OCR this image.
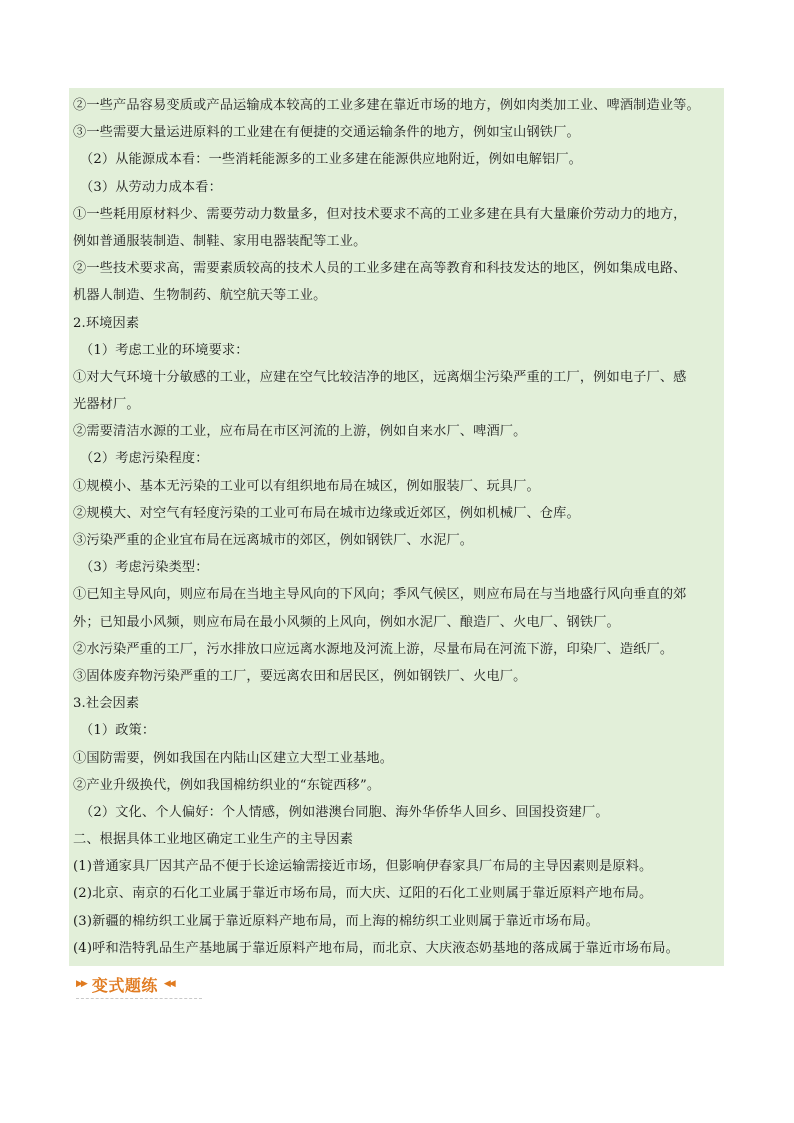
②一些产品容易变质或产品运输成本较高的工业多建在靠近市场的地方，例如肉类加工业、啤酒制造业等。
③一些需要大量运进原料的工业建在有便捷的交通运输条件的地方，例如宝山钢铁厂。
（2）从能源成本看：一些消耗能源多的工业多建在能源供应地附近，例如电解铝厂。
（3）从劳动力成本看：
①一些耗用原材料少、需要劳动力数量多，但对技术要求不高的工业多建在具有大量廉价劳动力的地方，
例如普通服装制造、制鞋、家用电器装配等工业。
②一些技术要求高，需要素质较高的技术人员的工业多建在高等教育和科技发达的地区，例如集成电路、
机器人制造、生物制药、航空航天等工业。
2.环境因素
（1）考虑工业的环境要求：
①对大气环境十分敏感的工业，应建在空气比较洁净的地区，远离烟尘污染严重的工厂，例如电子厂、感
光器材厂。
②需要清洁水源的工业，应布局在市区河流的上游，例如自来水厂、啤酒厂。
（2）考虑污染程度：
①规模小、基本无污染的工业可以有组织地布局在城区，例如服装厂、玩具厂。
②规模大、对空气有轻度污染的工业可布局在城市边缘或近郊区，例如机械厂、仓库。
③污染严重的企业宜布局在远离城市的郊区，例如钢铁厂、水泥厂。
（3）考虑污染类型：
①已知主导风向，则应布局在当地主导风向的下风向；季风气候区，则应布局在与当地盛行风向垂直的郊
外；已知最小风频，则应布局在最小风频的上风向，例如水泥厂、酿造厂、火电厂、钢铁厂。
②水污染严重的工厂，污水排放口应远离水源地及河流上游，尽量布局在河流下游，印染厂、造纸厂。
③固体废弃物污染严重的工厂，要远离农田和居民区，例如钢铁厂、火电厂。
3.社会因素
（1）政策：
①国防需要，例如我国在内陆山区建立大型工业基地。
②产业升级换代，例如我国棉纺织业的“东锭西移”。
（2）文化、个人偏好：个人情感，例如港澳台同胞、海外华侨华人回乡、回国投资建厂。
二、根据具体工业地区确定工业生产的主导因素
(1)普通家具厂因其产品不便于长途运输需接近市场，但影响伊春家具厂布局的主导因素则是原料。
(2)北京、南京的石化工业属于靠近市场布局，而大庆、辽阳的石化工业则属于靠近原料产地布局。
(3)新疆的棉纺织工业属于靠近原料产地布局，而上海的棉纺织工业则属于靠近市场布局。
(4)呼和浩特乳品生产基地属于靠近原料产地布局，而北京、大庆液态奶基地的落成属于靠近市场布局。
▶▶ 变式题练 ◀◀
